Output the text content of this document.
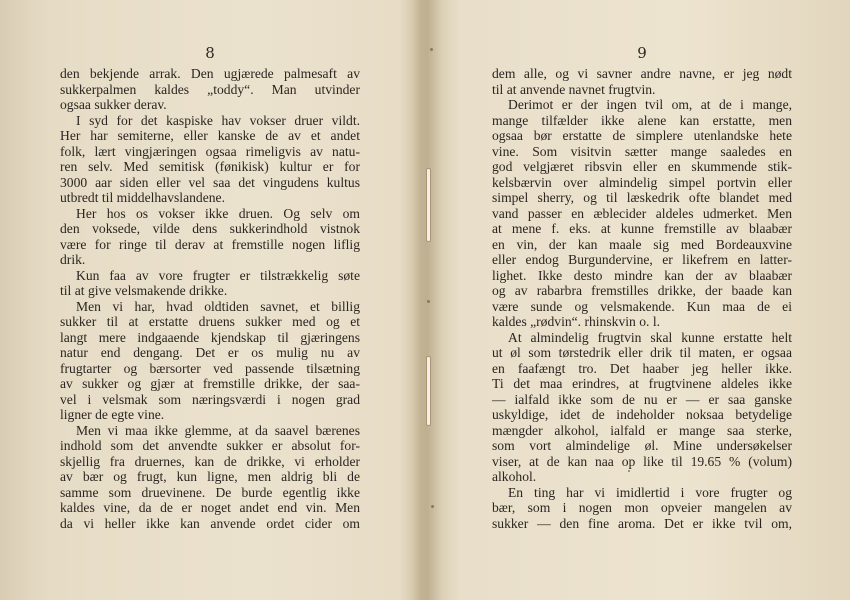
8
den bekjende arrak. Den ugjærede palmesaft av
sukkerpalmen kaldes „toddy“. Man utvinder
ogsaa sukker derav.
I syd for det kaspiske hav vokser druer vildt.
Her har semiterne, eller kanske de av et andet
folk, lært vingjæringen ogsaa rimeligvis av natu-
ren selv. Med semitisk (fønikisk) kultur er for
3000 aar siden eller vel saa det vingudens kultus
utbredt til middelhavslandene.
Her hos os vokser ikke druen. Og selv om
den voksede, vilde dens sukkerindhold vistnok
være for ringe til derav at fremstille nogen liflig
drik.
Kun faa av vore frugter er tilstrækkelig søte
til at give velsmakende drikke.
Men vi har, hvad oldtiden savnet, et billig
sukker til at erstatte druens sukker med og et
langt mere indgaaende kjendskap til gjæringens
natur end dengang. Det er os mulig nu av
frugtarter og bærsorter ved passende tilsætning
av sukker og gjær at fremstille drikke, der saa-
vel i velsmak som næringsværdi i nogen grad
ligner de egte vine.
Men vi maa ikke glemme, at da saavel bærenes
indhold som det anvendte sukker er absolut for-
skjellig fra druernes, kan de drikke, vi erholder
av bær og frugt, kun ligne, men aldrig bli de
samme som druevinene. De burde egentlig ikke
kaldes vine, da de er noget andet end vin. Men
da vi heller ikke kan anvende ordet cider om
9
dem alle, og vi savner andre navne, er jeg nødt
til at anvende navnet frugtvin.
Derimot er der ingen tvil om, at de i mange,
mange tilfælder ikke alene kan erstatte, men
ogsaa bør erstatte de simplere utenlandske hete
vine. Som visitvin sætter mange saaledes en
god velgjæret ribsvin eller en skummende stik-
kelsbærvin over almindelig simpel portvin eller
simpel sherry, og til læskedrik ofte blandet med
vand passer en æblecider aldeles udmerket. Men
at mene f. eks. at kunne fremstille av blaabær
en vin, der kan maale sig med Bordeauxvine
eller endog Burgundervine, er likefrem en latter-
lighet. Ikke desto mindre kan der av blaabær
og av rabarbra fremstilles drikke, der baade kan
være sunde og velsmakende. Kun maa de ei
kaldes „rødvin“. rhinskvin o. l.
At almindelig frugtvin skal kunne erstatte helt
ut øl som tørstedrik eller drik til maten, er ogsaa
en faafængt tro. Det haaber jeg heller ikke.
Ti det maa erindres, at frugtvinene aldeles ikke
— ialfald ikke som de nu er — er saa ganske
uskyldige, idet de indeholder noksaa betydelige
mængder alkohol, ialfald er mange saa sterke,
som vort almindelige øl. Mine undersøkelser
viser, at de kan naa op like til 19.65 % (volum)
alkohol.
En ting har vi imidlertid i vore frugter og
bær, som i nogen mon opveier mangelen av
sukker — den fine aroma. Det er ikke tvil om,
